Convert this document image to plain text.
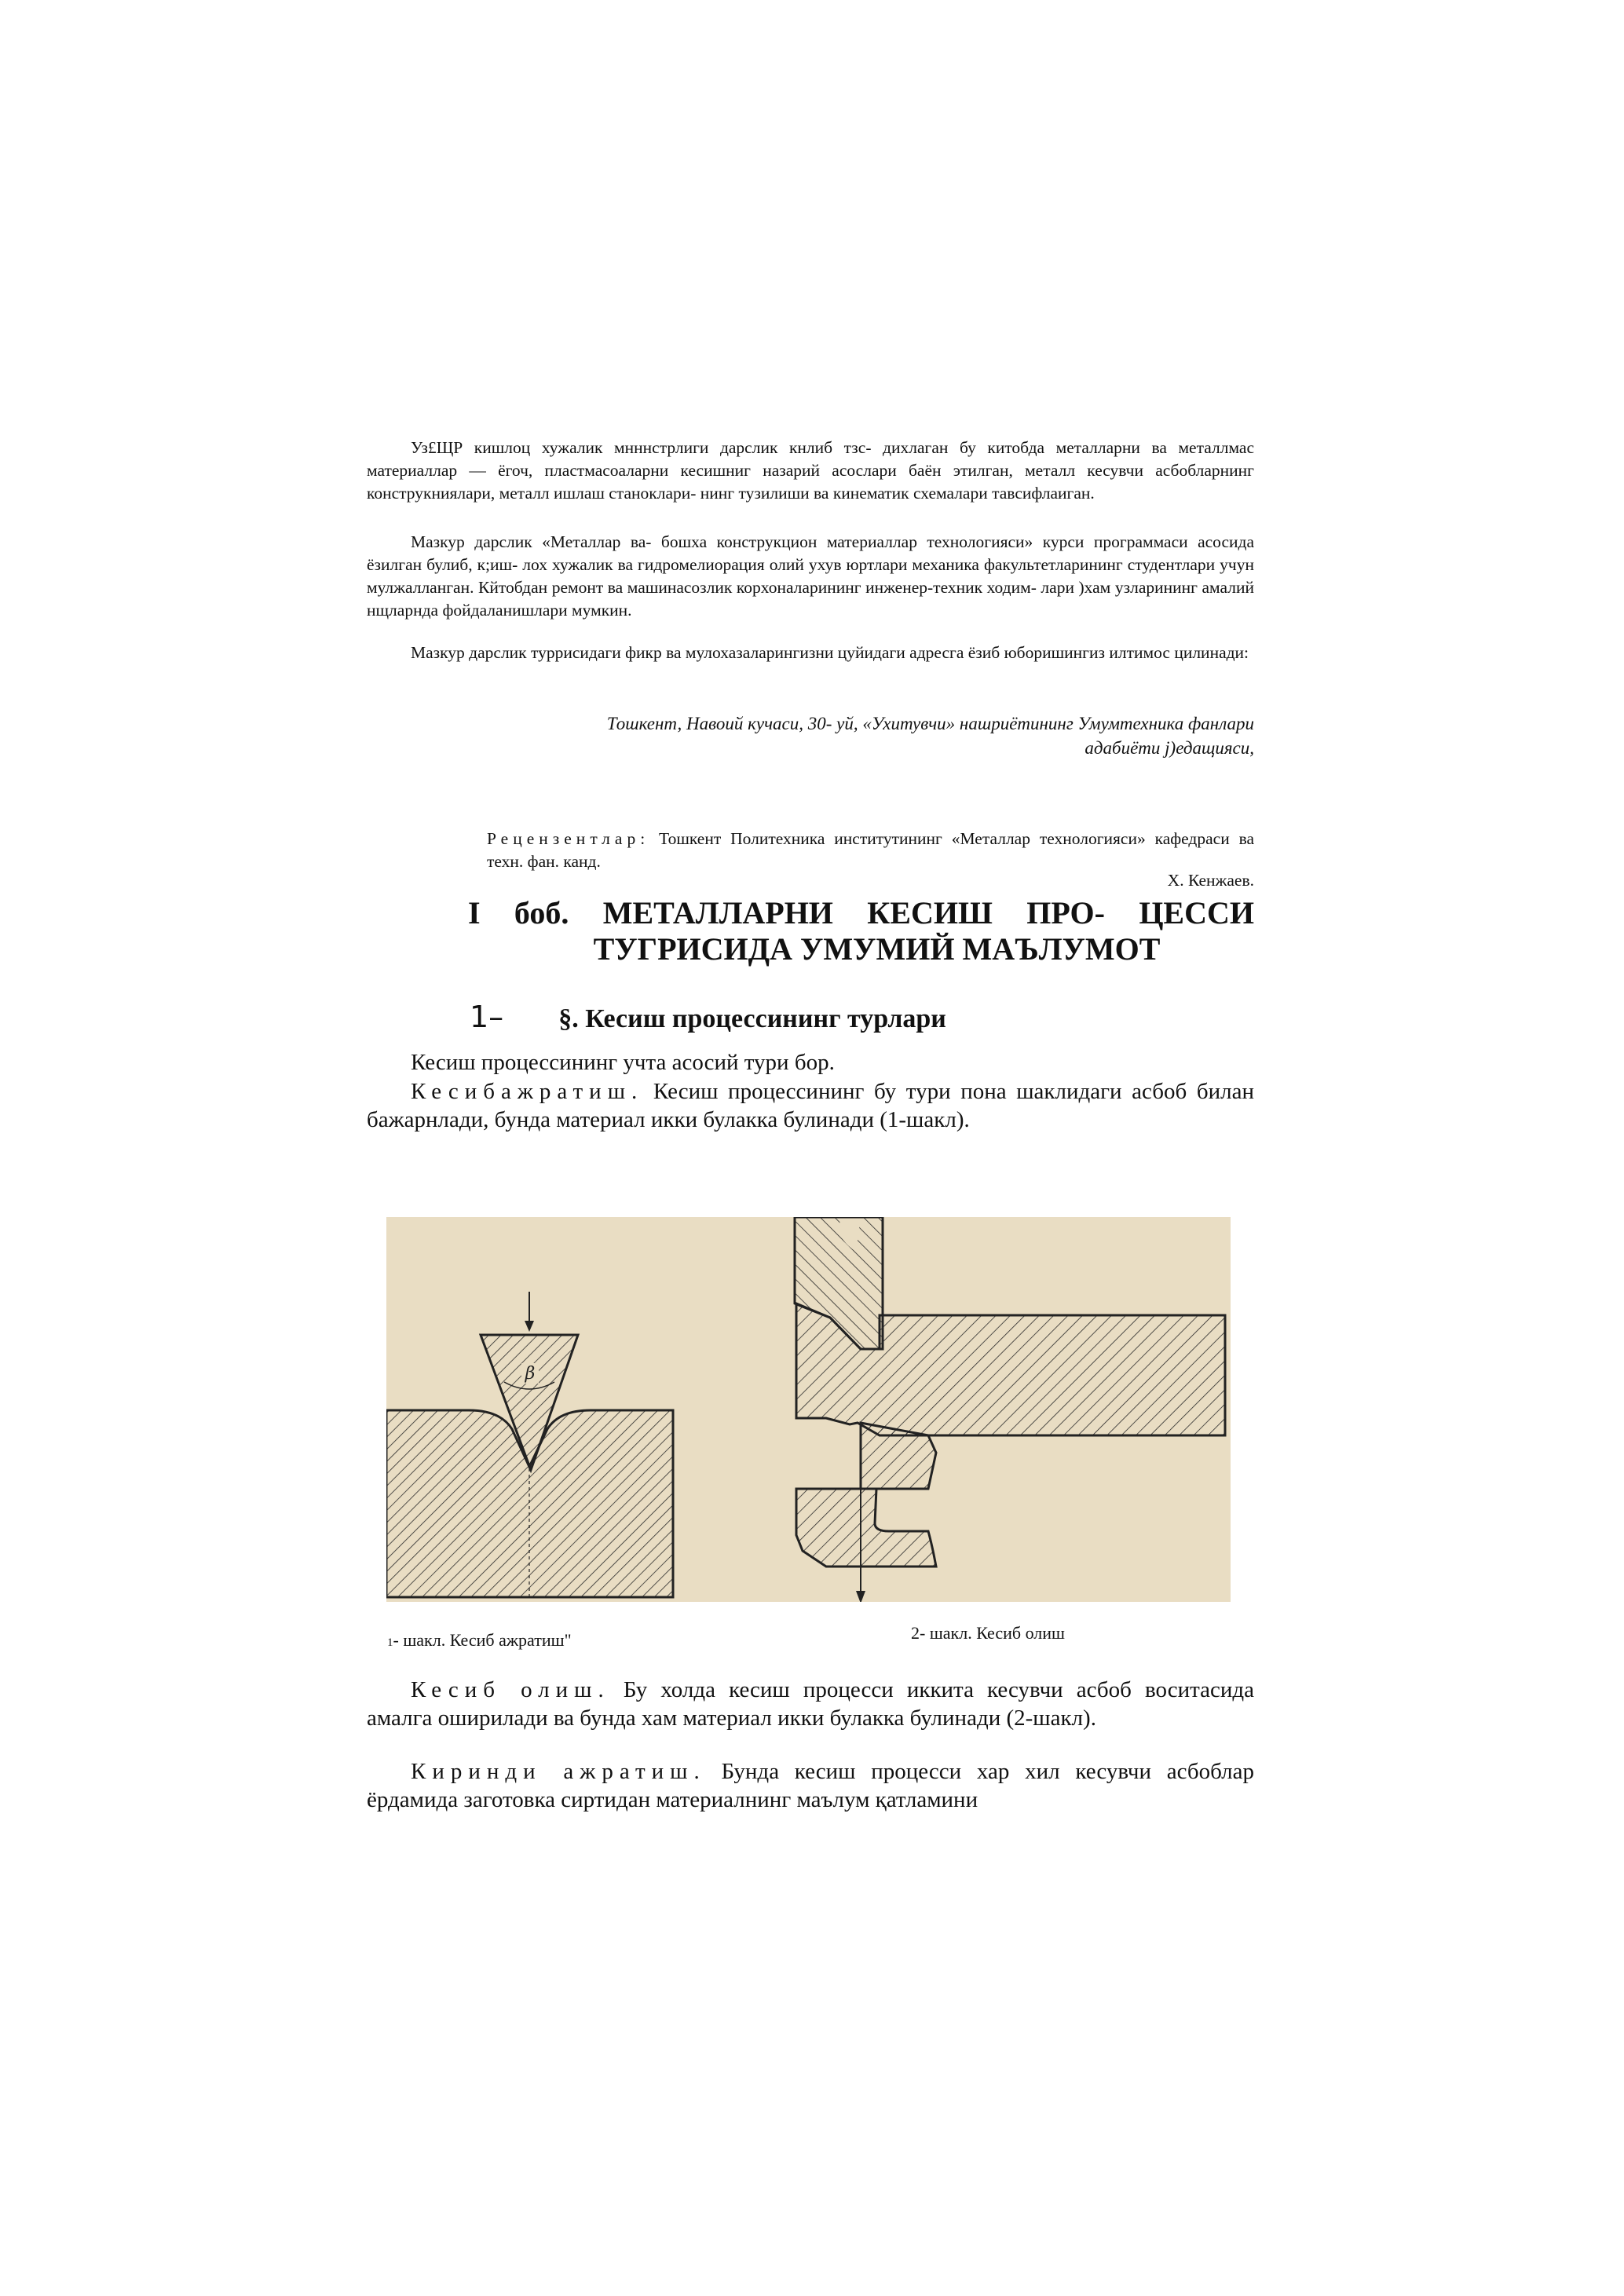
Уз£ЩР кишлоц хужалик мнннстрлиги дарслик кнлиб тзс- дихлаган бу китобда металларни ва металлмас материаллар — ёгоч, пластмасоаларни кесишниг назарий асослари баён этилган, металл кесувчи асбобларнинг конструкниялари, металл ишлаш станоклари- нинг тузилиши ва кинематик схемалари тавсифлаиган.

Мазкур дарслик «Металлар ва- бошха конструкцион материаллар технологияси» курси программаси асосида ёзилган булиб, к;иш- лох хужалик ва гидромелиорация олий ухув юртлари механика факультетларининг студентлари учун мулжалланган. Кйтобдан ремонт ва машинасозлик корхоналарининг инженер-техник ходим- лари )хам узларининг амалий нщларнда фойдаланишлари мумкин.

Мазкур дарслик туррисидаги фикр ва мулохазаларингизни цуйидаги адресга ёзиб юборишингиз илтимос цилинади:

Тошкент, Навоий кучаси, 30- уй, «Ухитувчи» нашриётининг Умумтехника фанлари
адабиёти j)едащияси,

Рецензентлар: Тошкент Политехника институтининг «Металлар технологияси» кафедраси ва техн. фан. канд.

Х. Кенжаев.

I боб. МЕТАЛЛАРНИ КЕСИШ ПРО- ЦЕССИ
ТУГРИСИДА УМУМИЙ МАЪЛУМОТ
1– §. Кесиш процессининг турлари

Кесиш процессининг учта асосий тури бор.

Кесибажратиш. Кесиш процессининг бу тури пона шаклидаги асбоб билан бажарнлади, бунда материал икки булакка булинади (1-шакл).

β

1- шакл. Кесиб ажратиш"	2- шакл. Кесиб олиш

Кесиб олиш. Бу холда кесиш процесси иккита кесувчи асбоб воситасида амалга оширилади ва бунда хам материал икки булакка булинади (2-шакл).

Киринди ажратиш. Бунда кесиш процесси хар хил кесувчи асбоблар ёрдамида заготовка сиртидан материалнинг маълум қатламини
